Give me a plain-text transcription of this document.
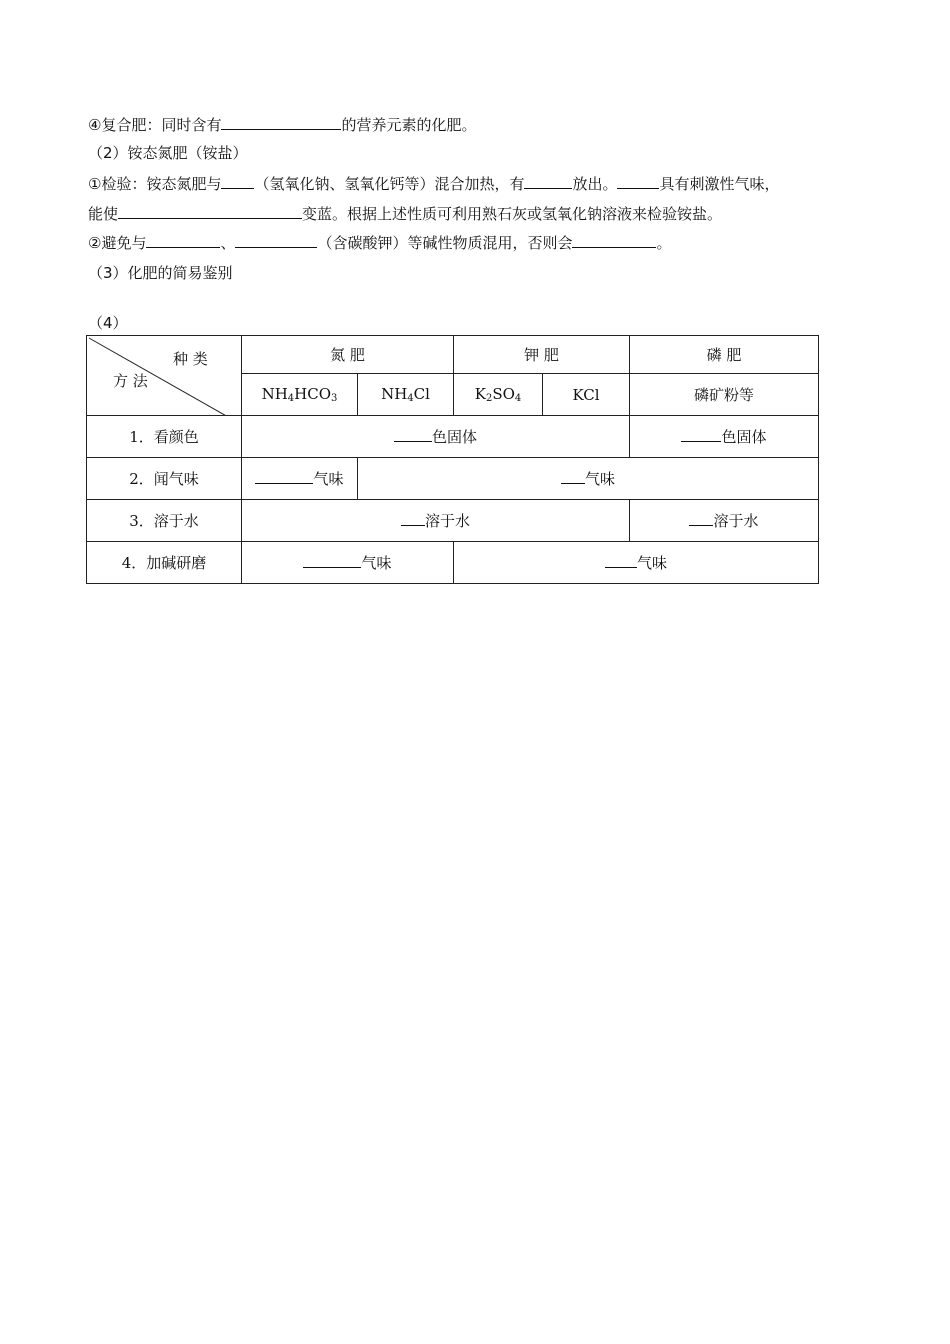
④复合肥：同时含有	的营养元素的化肥。
（2）铵态氮肥（铵盐）
①检验：铵态氮肥与 （氢氧化钠、氢氧化钙等）混合加热，有	放出。	具有刺激性气味，
能使	变蓝。根据上述性质可利用熟石灰或氢氧化钠溶液来检验铵盐。
②避免与	、	（含碳酸钾）等碱性物质混用，否则会	。
（3）化肥的简易鉴别
（4）
种 类
方 法	氮 肥		钾 肥		磷 肥
	$NH_4HCO_3$	$NH_4Cl$	$K_2SO_4$	KCl	磷矿粉等
1．看颜色	色固体				色固体
2．闻气味	气味	气味			
3．溶于水	溶于水				溶于水
4．加碱研磨	气味		气味		
